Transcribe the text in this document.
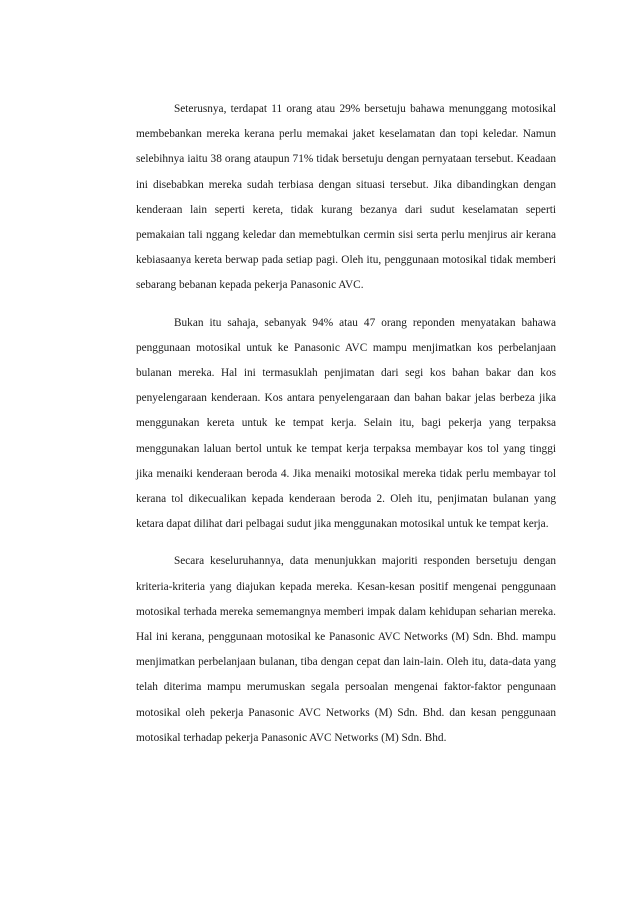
Seterusnya, terdapat 11 orang atau 29% bersetuju bahawa menunggang motosikal membebankan mereka kerana perlu memakai jaket keselamatan dan topi keledar. Namun selebihnya iaitu 38 orang ataupun 71% tidak bersetuju dengan pernyataan tersebut. Keadaan ini disebabkan mereka sudah terbiasa dengan situasi tersebut. Jika dibandingkan dengan kenderaan lain seperti kereta, tidak kurang bezanya dari sudut keselamatan seperti pemakaian tali nggang keledar dan memebtulkan cermin sisi serta perlu menjirus air kerana kebiasaanya kereta berwap pada setiap pagi. Oleh itu, penggunaan motosikal tidak memberi sebarang bebanan kepada pekerja Panasonic AVC.

Bukan itu sahaja, sebanyak 94% atau 47 orang reponden menyatakan bahawa penggunaan motosikal untuk ke Panasonic AVC mampu menjimatkan kos perbelanjaan bulanan mereka. Hal ini termasuklah penjimatan dari segi kos bahan bakar dan kos penyelengaraan kenderaan. Kos antara penyelengaraan dan bahan bakar jelas berbeza jika menggunakan kereta untuk ke tempat kerja. Selain itu, bagi pekerja yang terpaksa menggunakan laluan bertol untuk ke tempat kerja terpaksa membayar kos tol yang tinggi jika menaiki kenderaan beroda 4. Jika menaiki motosikal mereka tidak perlu membayar tol kerana tol dikecualikan kepada kenderaan beroda 2. Oleh itu, penjimatan bulanan yang ketara dapat dilihat dari pelbagai sudut jika menggunakan motosikal untuk ke tempat kerja.

Secara keseluruhannya, data menunjukkan majoriti responden bersetuju dengan kriteria-kriteria yang diajukan kepada mereka. Kesan-kesan positif mengenai penggunaan motosikal terhada mereka sememangnya memberi impak dalam kehidupan seharian mereka. Hal ini kerana, penggunaan motosikal ke Panasonic AVC Networks (M) Sdn. Bhd. mampu menjimatkan perbelanjaan bulanan, tiba dengan cepat dan lain-lain. Oleh itu, data-data yang telah diterima mampu merumuskan segala persoalan mengenai faktor-faktor pengunaan motosikal oleh pekerja Panasonic AVC Networks (M) Sdn. Bhd. dan kesan penggunaan motosikal terhadap pekerja Panasonic AVC Networks (M) Sdn. Bhd.
